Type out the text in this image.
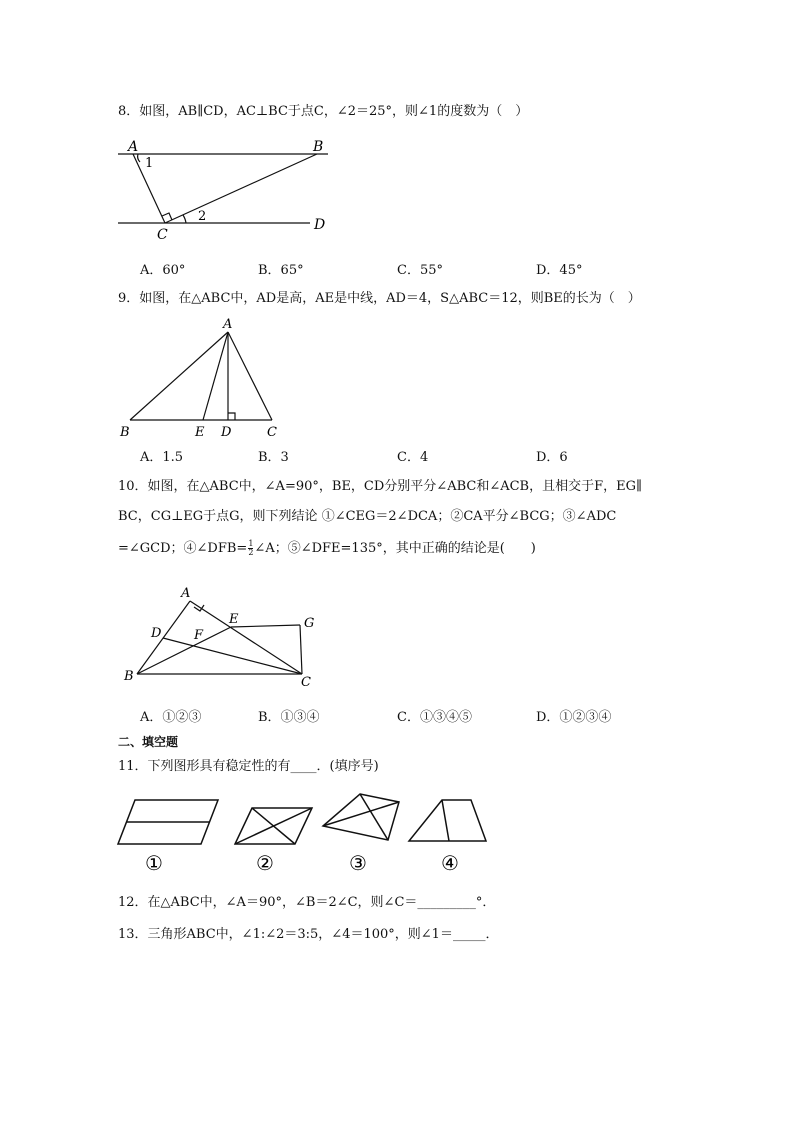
8．如图，AB∥CD，AC⊥BC于点C，∠2＝25°，则∠1的度数为（　）
A	B
C
D
1
2
A．60°	B．65°	C．55°	D．45°
9．如图，在△ABC中，AD是高，AE是中线，AD＝4，S△ABC＝12，则BE的长为（　）
A
B	E D	C
A．1.5	B．3	C．4	D．6
10．如图，在△ABC中，∠A=90°，BE，CD分别平分∠ABC和∠ACB，且相交于F，EG∥
BC，CG⊥EG于点G，则下列结论 ①∠CEG＝2∠DCA；②CA平分∠BCG；③∠ADC
=∠GCD；④∠DFB= $\frac{1}{2}$ ∠A；⑤∠DFE=135°，其中正确的结论是(　　)
A
D
E
F
G
B	C
A．①②③	B．①③④	C．①③④⑤	D．①②③④
二、填空题
11．下列图形具有稳定性的有____．(填序号)
①	②	③	④
12．在△ABC中，∠A＝90°，∠B＝2∠C，则∠C＝_________°．
13．三角形ABC中，∠1:∠2＝3:5，∠4＝100°，则∠1＝_____．
